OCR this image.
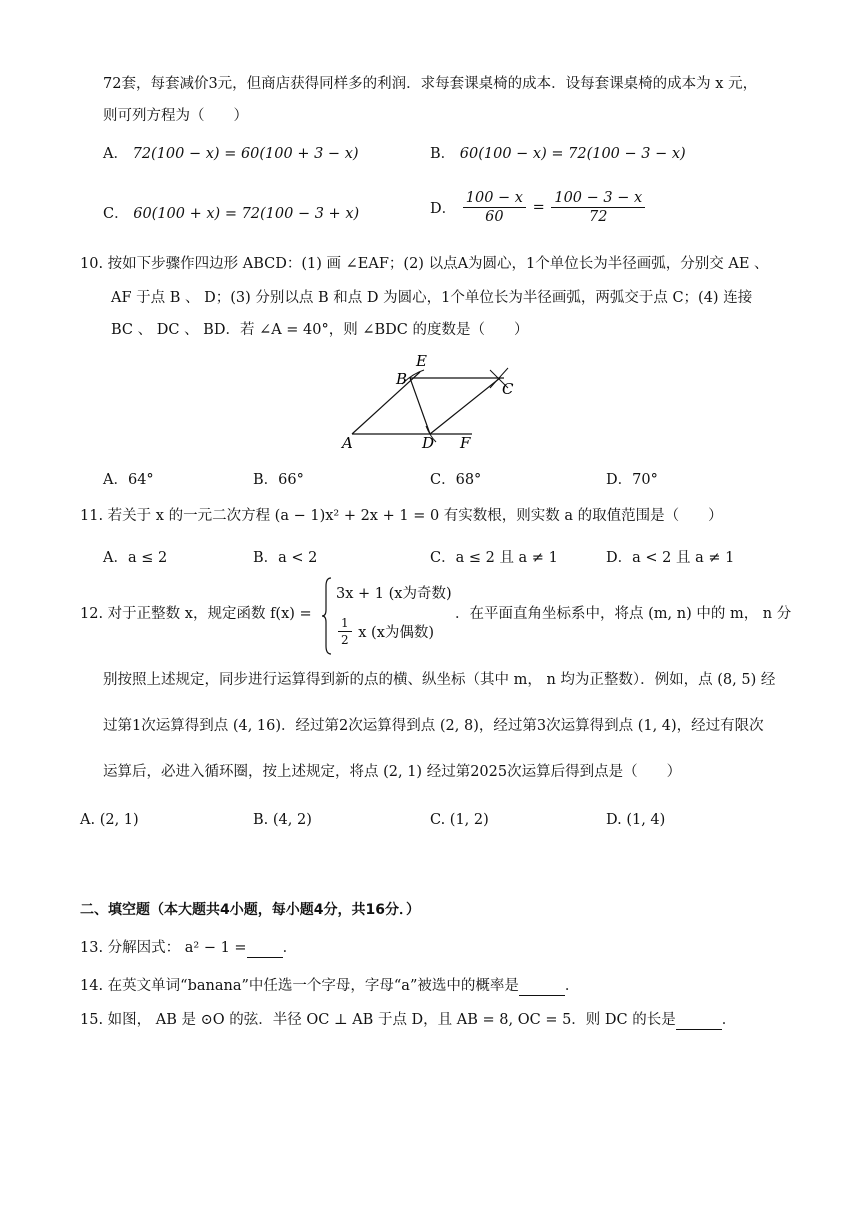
72套，每套减价3元，但商店获得同样多的利润．求每套课桌椅的成本．设每套课桌椅的成本为 x 元，
则可列方程为（　　）
A． 72(100 − x) = 60(100 + 3 − x)	B． 60(100 − x) = 72(100 − 3 − x)
C． 60(100 + x) = 72(100 − 3 + x)	D． $\frac{100 - x}{60} = \frac{100 - 3 - x}{72}$
10. 按如下步骤作四边形 ABCD：(1) 画 ∠EAF；(2) 以点A为圆心，1个单位长为半径画弧，分别交 AE 、
AF 于点 B 、 D；(3) 分别以点 B 和点 D 为圆心，1个单位长为半径画弧，两弧交于点 C；(4) 连接
BC 、 DC 、 BD．若 ∠A = 40°，则 ∠BDC 的度数是（　　）
E
B
C
A	D F
A．64°	B．66°	C．68°	D．70°
11. 若关于 x 的一元二次方程 (a − 1)x² + 2x + 1 = 0 有实数根，则实数 a 的取值范围是（　　）
A．a ≤ 2	B．a < 2	C．a ≤ 2 且 a ≠ 1	D．a < 2 且 a ≠ 1
12. 对于正整数 x，规定函数 f(x) =
3x + 1 (x为奇数)
$\frac{1}{2}$ x (x为偶数)
．在平面直角坐标系中，将点 (m, n) 中的 m， n 分
别按照上述规定，同步进行运算得到新的点的横、纵坐标（其中 m， n 均为正整数）．例如，点 (8, 5) 经
过第1次运算得到点 (4, 16)．经过第2次运算得到点 (2, 8)，经过第3次运算得到点 (1, 4)，经过有限次
运算后，必进入循环圈，按上述规定，将点 (2, 1) 经过第2025次运算后得到点是（　　）
A. (2, 1)	B. (4, 2)	C. (1, 2)	D. (1, 4)
二、填空题（本大题共4小题，每小题4分，共16分．）
13. 分解因式： a² − 1 = ．
14. 在英文单词“banana”中任选一个字母，字母“a”被选中的概率是	．
15. 如图， AB 是 ⊙O 的弦．半径 OC ⊥ AB 于点 D，且 AB = 8, OC = 5．则 DC 的长是	．
